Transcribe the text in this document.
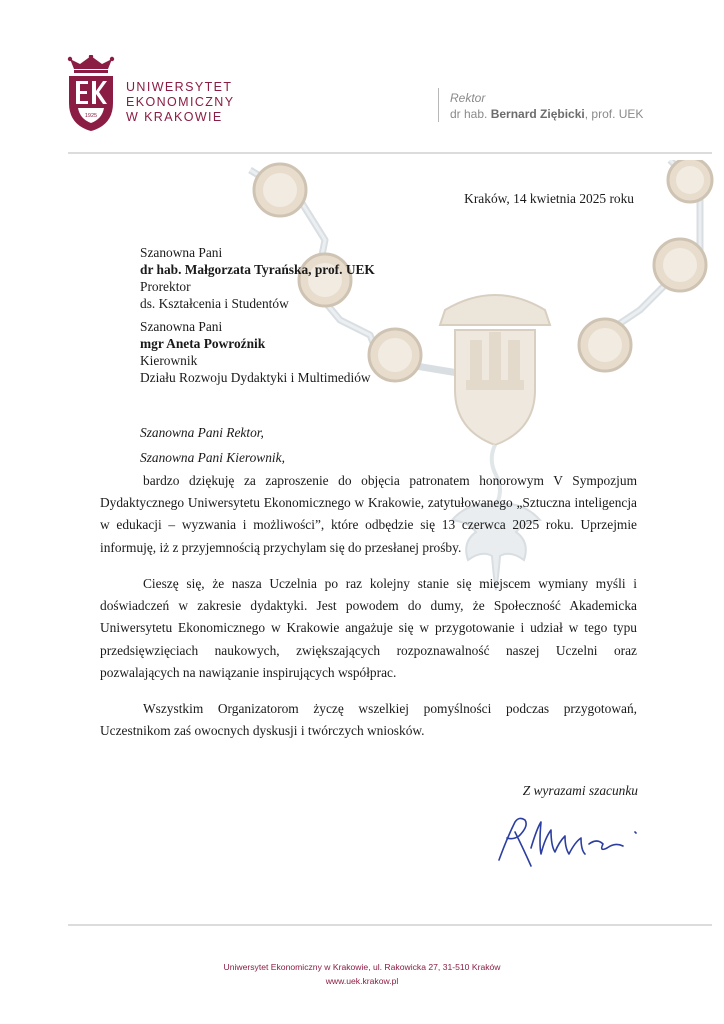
1925
UNIWERSYTET
EKONOMICZNY
W KRAKOWIE
Rektor
dr hab. Bernard Ziębicki, prof. UEK
Kraków, 14 kwietnia 2025 roku
Szanowna Pani
dr hab. Małgorzata Tyrańska, prof. UEK
Prorektor
ds. Kształcenia i Studentów
Szanowna Pani
mgr Aneta Powroźnik
Kierownik
Działu Rozwoju Dydaktyki i Multimediów
Szanowna Pani Rektor,
Szanowna Pani Kierownik,

bardzo dziękuję za zaproszenie do objęcia patronatem honorowym V Sympozjum Dydaktycznego Uniwersytetu Ekonomicznego w Krakowie, zatytułowanego „Sztuczna inteligencja w edukacji – wyzwania i możliwości”, które odbędzie się 13 czerwca 2025 roku. Uprzejmie informuję, iż z przyjemnością przychylam się do przesłanej prośby.

Cieszę się, że nasza Uczelnia po raz kolejny stanie się miejscem wymiany myśli i doświadczeń w zakresie dydaktyki. Jest powodem do dumy, że Społeczność Akademicka Uniwersytetu Ekonomicznego w Krakowie angażuje się w przygotowanie i udział w tego typu przedsięwzięciach naukowych, zwiększających rozpoznawalność naszej Uczelni oraz pozwalających na nawiązanie inspirujących współprac.

Wszystkim Organizatorom życzę wszelkiej pomyślności podczas przygotowań, Uczestnikom zaś owocnych dyskusji i twórczych wniosków.

Z wyrazami szacunku
Uniwersytet Ekonomiczny w Krakowie, ul. Rakowicka 27, 31-510 Kraków
www.uek.krakow.pl
